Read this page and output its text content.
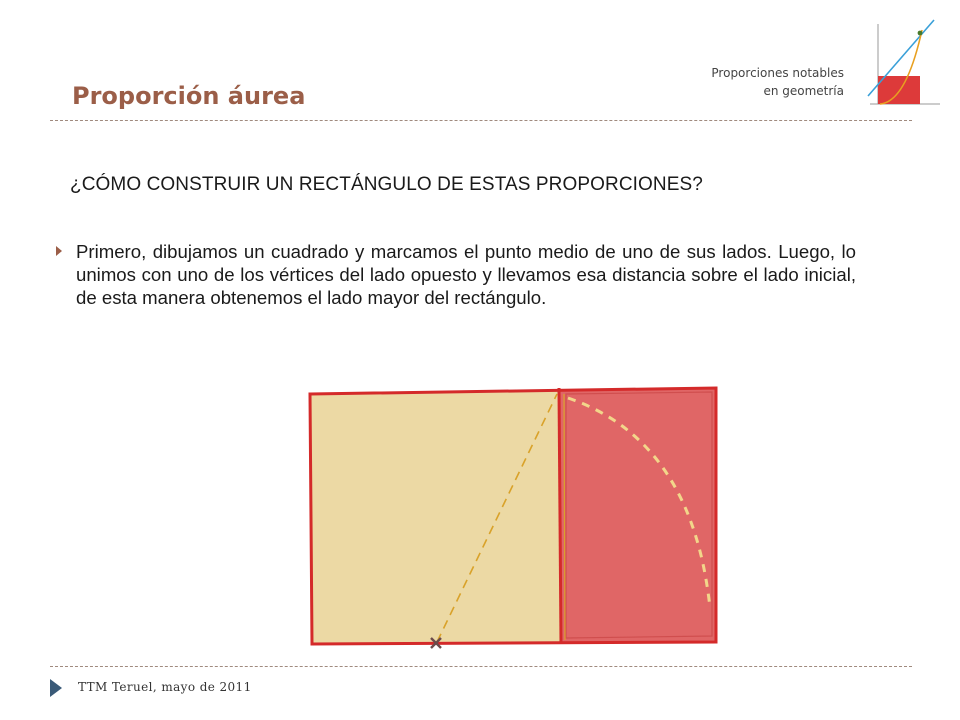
Proporción áurea
Proporciones notables
en geometría
¿CÓMO CONSTRUIR UN RECTÁNGULO DE ESTAS PROPORCIONES?

Primero, dibujamos un cuadrado y marcamos el punto medio de uno de sus lados. Luego, lo unimos con uno de los vértices del lado opuesto y llevamos esa distancia sobre el lado inicial, de esta manera obtenemos el lado mayor del rectángulo.

TTM Teruel, mayo de 2011
